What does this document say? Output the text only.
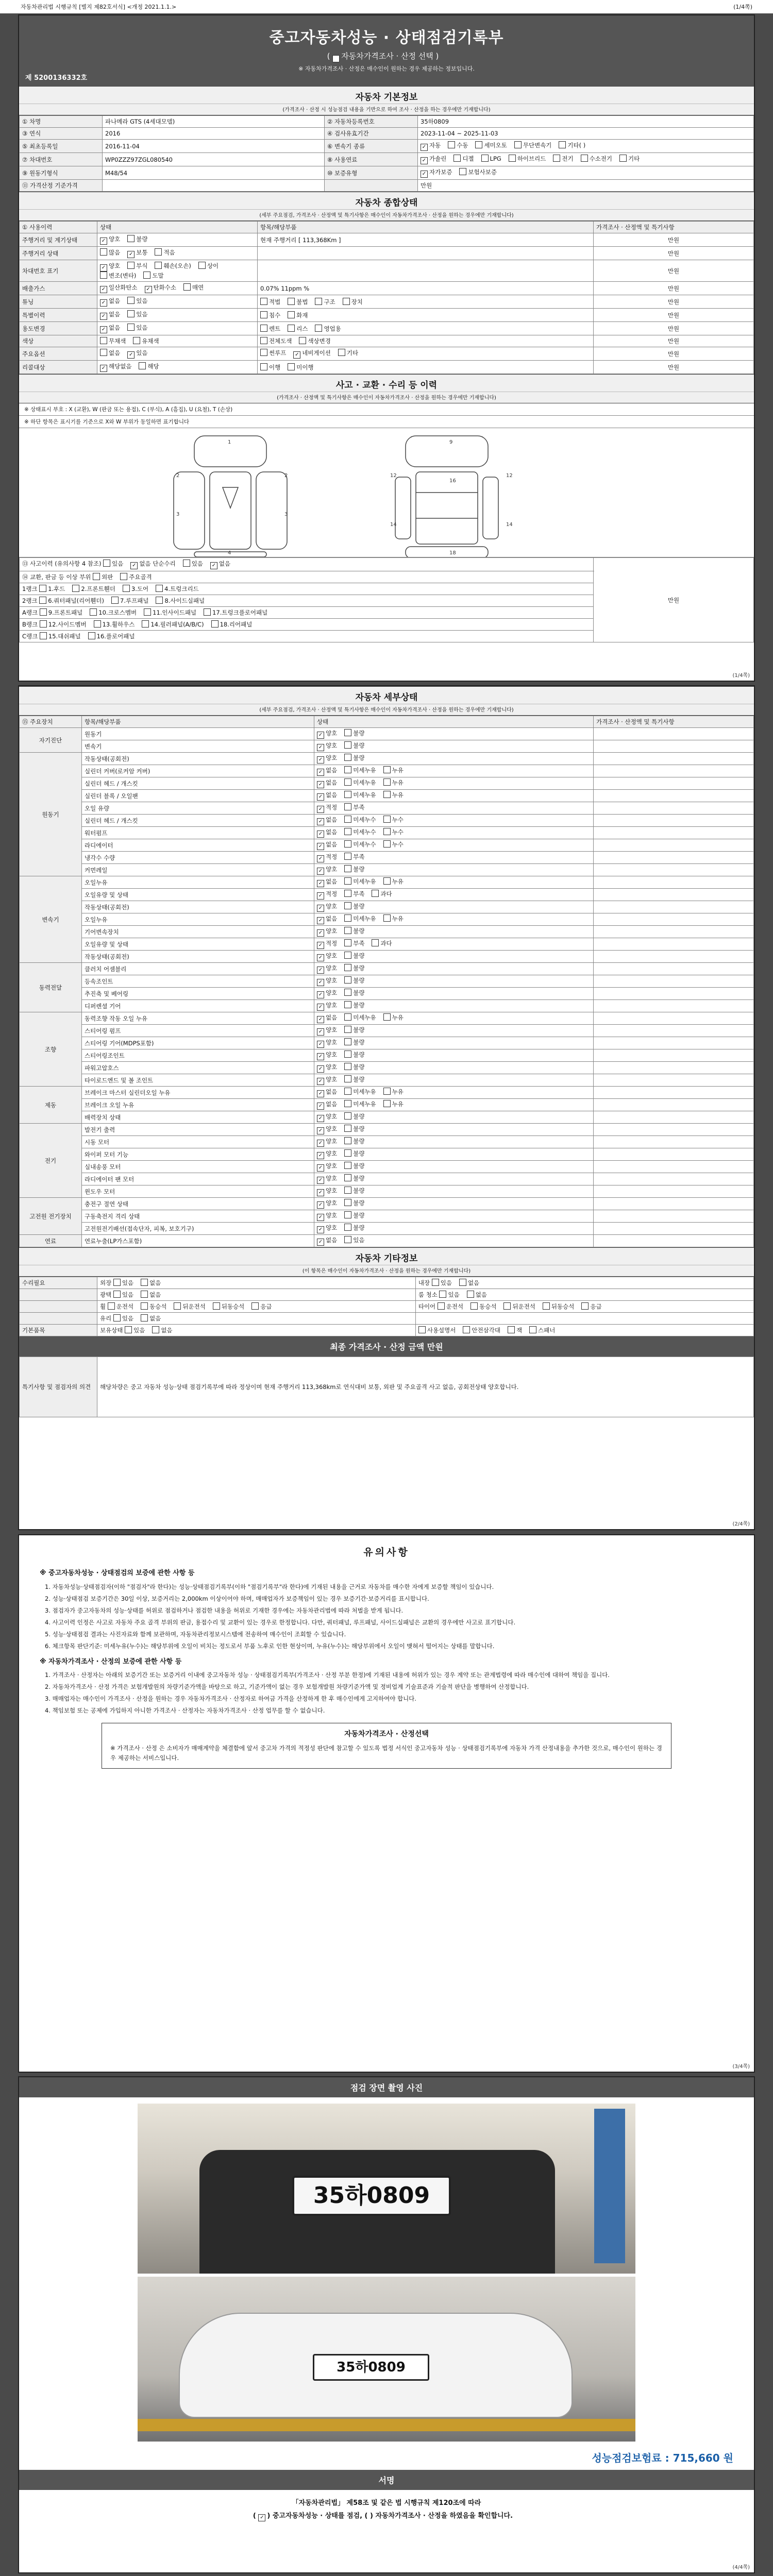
자동차관리법 시행규칙 [별지 제82호서식] <개정 2021.1.1.>	(1/4쪽)
중고자동차성능 · 상태점검기록부
( ✓자동차가격조사 · 산정 선택 )
※ 자동차가격조사 · 산정은 매수인이 원하는 경우 제공하는 정보입니다.
제 5200136332호
자동차 기본정보
(가격조사 · 산정 시 성능점검 내용을 기반으로 하여 조사 · 산정을 하는 경우에만 기재합니다)
① 차명	파나메라 GTS (4세대모델)	② 자동차등록번호	35하0809
③ 연식	2016	④ 검사유효기간	2023-11-04 ~ 2025-11-03
⑤ 최초등록일	2016-11-04	⑥ 변속기 종류	✓자동 수동 세미오토 무단변속기 기타( )
⑦ 차대번호	WP0ZZZ97ZGL080540	⑧ 사용연료	✓가솔린 디젤 LPG 하이브리드 전기 수소전기 기타
⑨ 원동기형식	M48/54	⑩ 보증유형	✓자가보증 보험사보증
⑪ 가격산정 기준가격			만원
자동차 종합상태
(세부 주요점검, 가격조사 · 산정액 및 특기사항은 매수인이 자동차가격조사 · 산정을 원하는 경우에만 기재합니다)
① 사용이력	상태	항목/해당부품	가격조사 · 산정액 및 특기사항
주행거리 및 계기상태	✓양호 불량	현재 주행거리 [ 113,368Km ]	만원
주행거리 상태	많음 ✓ 보통 적음		만원
차대번호 표기	✓양호 부식 훼손(오손) 상이변조(변타) 도말		만원
배출가스	✓일산화탄소 ✓ 탄화수소 매연	0.07% 11ppm %	만원
튜닝	✓없음 있음	적법 불법 구조 장치	만원
특별이력	✓없음 있음	침수 화재	만원
용도변경	✓없음 있음	렌트 리스 영업용	만원
색상	무채색 유채색	전체도색 색상변경	만원
주요옵션	없음 ✓ 있음	썬루프 ✓ 네비게이션 기타	만원
리콜대상	✓해당없음 해당	이행 미이행	만원
사고 · 교환 · 수리 등 이력
(가격조사 · 산정액 및 특기사항은 매수인이 자동차가격조사 · 산정을 원하는 경우에만 기재합니다)
※ 상태표시 부호 : X (교환), W (판금 또는 용접), C (부식), A (흠집), U (요철), T (손상)
※ 하단 항목은 표시기를 기준으로 X와 W 부위가 동일하면 표기합니다
1
2	2
3	3
4
9
16
18
12	12
14	14
⑬ 사고이력 (유의사항 4 참조) 있음 ✓	없음 단순수리	있음 ✓	없음	만원
⑭ 교환, 판금 등 이상 부위 외판	주요골격
1랭크 1.후드	2.프론트휀더	3.도어	4.트렁크리드
2랭크 6.쿼터패널(리어휀더)	7.루프패널	8.사이드실패널
A랭크 9.프론트패널	10.크로스멤버	11.인사이드패널	17.트렁크플로어패널
B랭크 12.사이드멤버	13.휠하우스	14.필러패널(A/B/C)	18.리어패널
C랭크 15.대쉬패널	16.플로어패널
(1/4쪽)
자동차 세부상태
(세부 주요점검, 가격조사 · 산정액 및 특기사항은 매수인이 자동차가격조사 · 산정을 원하는 경우에만 기재합니다)
⑮ 주요장치	항목/해당부품	상태	가격조사 · 산정액 및 특기사항
자기진단	원동기	✓양호 불량	
	변속기	✓양호 불량	
원동기	작동상태(공회전)	✓양호 불량	
	실린더 커버(로커암 커버)	✓없음 미세누유 누유	
	실린더 헤드 / 개스킷	✓없음 미세누유 누유	
	실린더 블록 / 오일팬	✓없음 미세누유 누유	
	오일 유량	✓적정 부족	
	실린더 헤드 / 개스킷	✓없음 미세누수 누수	
	워터펌프	✓없음 미세누수 누수	
	라디에이터	✓없음 미세누수 누수	
	냉각수 수량	✓적정 부족	
	커먼레일	✓양호 불량	
변속기	오일누유	✓없음 미세누유 누유	
	오일유량 및 상태	✓적정 부족 과다	
	작동상태(공회전)	✓양호 불량	
	오일누유	✓없음 미세누유 누유	
	기어변속장치	✓양호 불량	
	오일유량 및 상태	✓적정 부족 과다	
	작동상태(공회전)	✓양호 불량	
동력전달	클러치 어셈블리	✓양호 불량	
	등속조인트	✓양호 불량	
	추진축 및 베어링	✓양호 불량	
	디퍼렌셜 기어	✓양호 불량	
조향	동력조향 작동 오일 누유	✓없음 미세누유 누유	
	스티어링 펌프	✓양호 불량	
	스티어링 기어(MDPS포함)	✓양호 불량	
	스티어링조인트	✓양호 불량	
	파워고압호스	✓양호 불량	
	타이로드엔드 및 볼 조인트	✓양호 불량	
제동	브레이크 마스터 실린더오일 누유	✓없음 미세누유 누유	
	브레이크 오일 누유	✓없음 미세누유 누유	
	배력장치 상태	✓양호 불량	
전기	발전기 출력	✓양호 불량	
	시동 모터	✓양호 불량	
	와이퍼 모터 기능	✓양호 불량	
	실내송풍 모터	✓양호 불량	
	라디에이터 팬 모터	✓양호 불량	
	윈도우 모터	✓양호 불량	
고전원 전기장치	충전구 절연 상태	✓양호 불량	
	구동축전지 격리 상태	✓양호 불량	
	고전원전기배선(접속단자, 피복, 보호기구)	✓양호 불량	
연료	연료누출(LP가스포함)	✓없음 있음	
자동차 기타정보
(이 항목은 매수인이 자동차가격조사 · 산정을 원하는 경우에만 기재합니다)
수리필요	외장 있음 없음	내장 있음 없음
	광택 있음 없음	룸 청소 있음 없음
	휠 운전석 동승석 뒤운전석 뒤동승석 응급	타이어 운전석 동승석 뒤운전석 뒤동승석 응급
	유리 있음 없음	
기본품목	보유상태 있음 없음	사용설명서 안전삼각대 잭 스패너
최종 가격조사 · 산정 금액 만원
특기사항 및 점검자의 의견	해당차량은 중고 자동차 성능·상태 점검기록부에 따라 정상이며 현재 주행거리 113,368km로 연식대비 보통, 외판 및 주요골격 사고 없음, 공회전상태 양호합니다.
(2/4쪽)
유의사항
※ 중고자동차성능 · 상태점검의 보증에 관한 사항 등
1. 자동차성능·상태점검자(이하 "점검자"라 한다)는 성능·상태점검기록부(이하 "점검기록부"라 한다)에 기재된 내용을 근거로 자동차를 매수한 자에게 보증할 책임이 있습니다.
2. 성능·상태점검 보증기간은 30일 이상, 보증거리는 2,000km 이상이어야 하며, 매매업자가 보증책임이 있는 경우 보증기간·보증거리를 표시합니다.
3. 점검자가 중고자동차의 성능·상태를 허위로 점검하거나 점검한 내용을 허위로 기재한 경우에는 자동차관리법에 따라 처벌을 받게 됩니다.
4. 사고이력 인정은 사고로 자동차 주요 골격 부위의 판금, 용접수리 및 교환이 있는 경우로 한정합니다. 다만, 쿼터패널, 루프패널, 사이드실패널은 교환의 경우에만 사고로 표기합니다.
5. 성능·상태점검 결과는 사진자료와 함께 보관하며, 자동차관리정보시스템에 전송하여 매수인이 조회할 수 있습니다.
6. 체크항목 판단기준: 미세누유(누수)는 해당부위에 오일이 비치는 정도로서 부품 노후로 인한 현상이며, 누유(누수)는 해당부위에서 오일이 맺혀서 떨어지는 상태를 말합니다.
※ 자동차가격조사 · 산정의 보증에 관한 사항 등
1. 가격조사 · 산정자는 아래의 보증기간 또는 보증거리 이내에 중고자동차 성능 · 상태점검기록부(가격조사 · 산정 부분 한정)에 기재된 내용에 허위가 있는 경우 계약 또는 관계법령에 따라 매수인에 대하여 책임을 집니다.
2. 자동차가격조사 · 산정 가격은 보험개발원의 차량기준가액을 바탕으로 하고, 기준가액이 없는 경우 보험개발원 차량기준가액 및 정비업계 기술표준과 기술적 판단을 병행하여 산정합니다.
3. 매매업자는 매수인이 가격조사 · 산정을 원하는 경우 자동차가격조사 · 산정자로 하여금 가격을 산정하게 한 후 매수인에게 고지하여야 합니다.
4. 책임보험 또는 공제에 가입하지 아니한 가격조사 · 산정자는 자동차가격조사 · 산정 업무를 할 수 없습니다.
자동차가격조사 · 산정선택
※ 가격조사 · 산정 은 소비자가 매매계약을 체결함에 앞서 중고차 가격의 적정성 판단에 참고할 수 있도록 법정 서식인 중고자동차 성능 · 상태점검기록부에 자동차 가격 산정내용을 추가한 것으로, 매수인이 원하는 경우 제공하는 서비스입니다.
(3/4쪽)
점검 장면 촬영 사진
35하0809
35하0809
성능점검보험료 : 715,660 원
서명
「자동차관리법」 제58조 및 같은 법 시행규칙 제120조에 따라
( ✓) 중고자동차성능 · 상태를 점검, ( ) 자동차가격조사 · 산정을 하였음을 확인합니다.
(4/4쪽)
